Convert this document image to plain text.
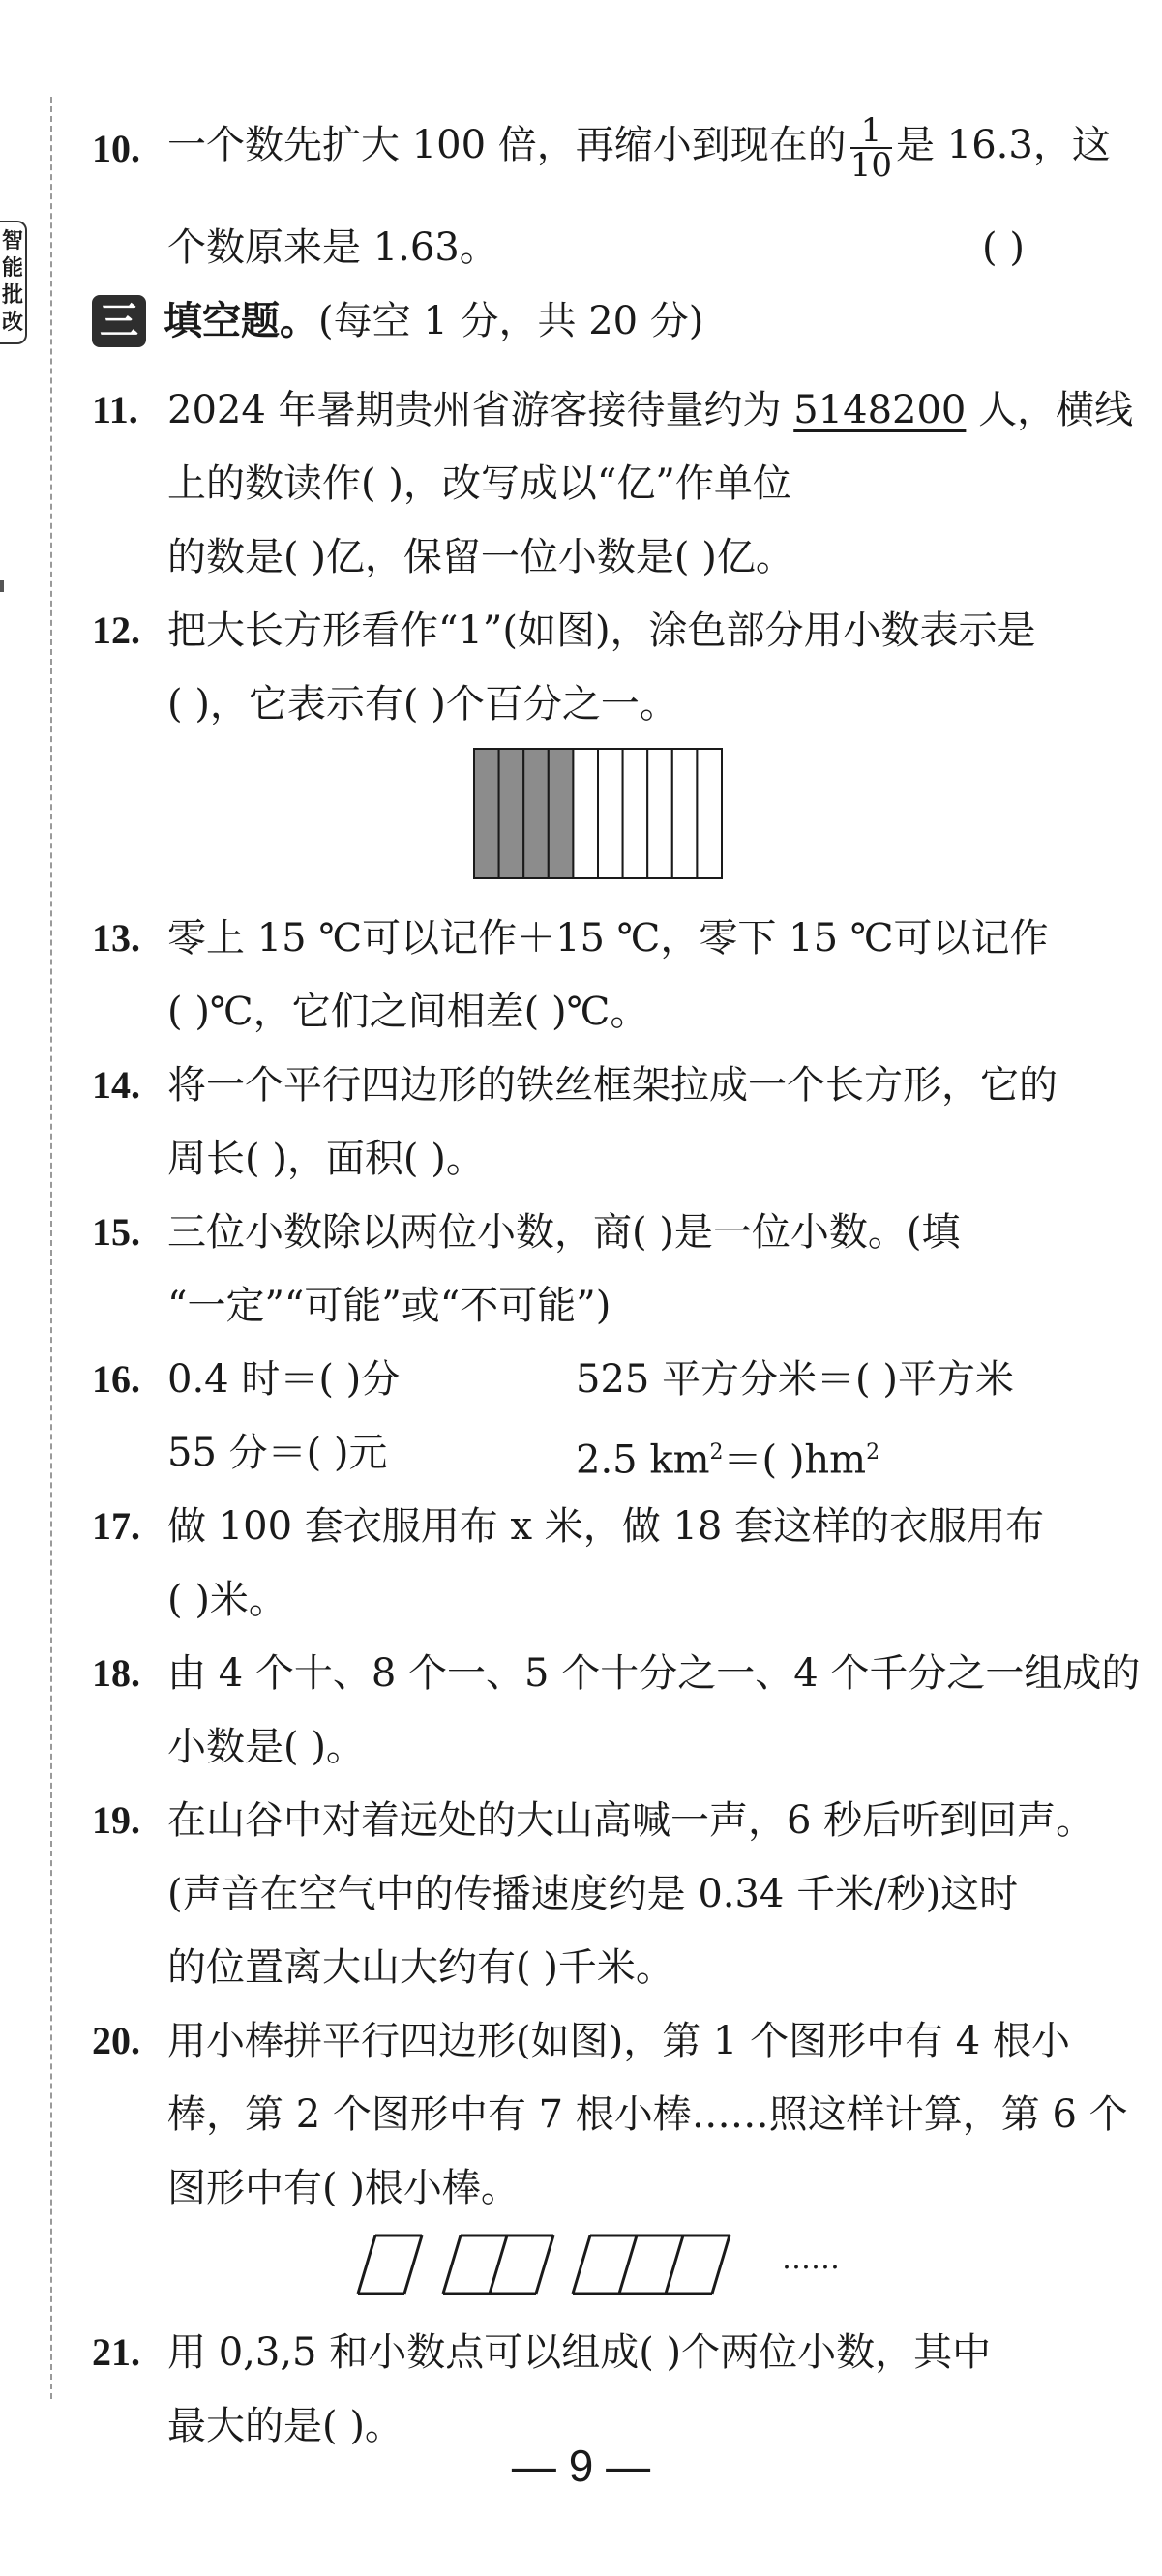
智
能
批
改
10. 一个数先扩大 100 倍，再缩小到现在的 $\frac{1}{10}$ 是 16.3，这
个数原来是 1.63。	( )
三 填空题。(每空 1 分，共 20 分)
11. 2024 年暑期贵州省游客接待量约为 5148200 人，横线
上的数读作( )，改写成以“亿”作单位
的数是( )亿，保留一位小数是( )亿。
12. 把大长方形看作“1”(如图)，涂色部分用小数表示是
( )，它表示有( )个百分之一。
13. 零上 15 ℃可以记作＋15 ℃，零下 15 ℃可以记作
( )℃，它们之间相差( )℃。
14. 将一个平行四边形的铁丝框架拉成一个长方形，它的
周长( )，面积( )。
15. 三位小数除以两位小数，商( )是一位小数。(填
“一定”“可能”或“不可能”)
16. 0.4 时＝( )分	525 平方分米＝( )平方米
55 分＝( )元	2.5 $km^2=$( )$hm^2$
17. 做 100 套衣服用布 x 米，做 18 套这样的衣服用布
( )米。
18. 由 4 个十、8 个一、5 个十分之一、4 个千分之一组成的
小数是( )。
19. 在山谷中对着远处的大山高喊一声，6 秒后听到回声。
(声音在空气中的传播速度约是 0.34 千米/秒)这时
的位置离大山大约有( )千米。
20. 用小棒拼平行四边形(如图)，第 1 个图形中有 4 根小
棒，第 2 个图形中有 7 根小棒……照这样计算，第 6 个
图形中有( )根小棒。
……
21. 用 0,3,5 和小数点可以组成( )个两位小数，其中
最大的是( )。
— 9 —
